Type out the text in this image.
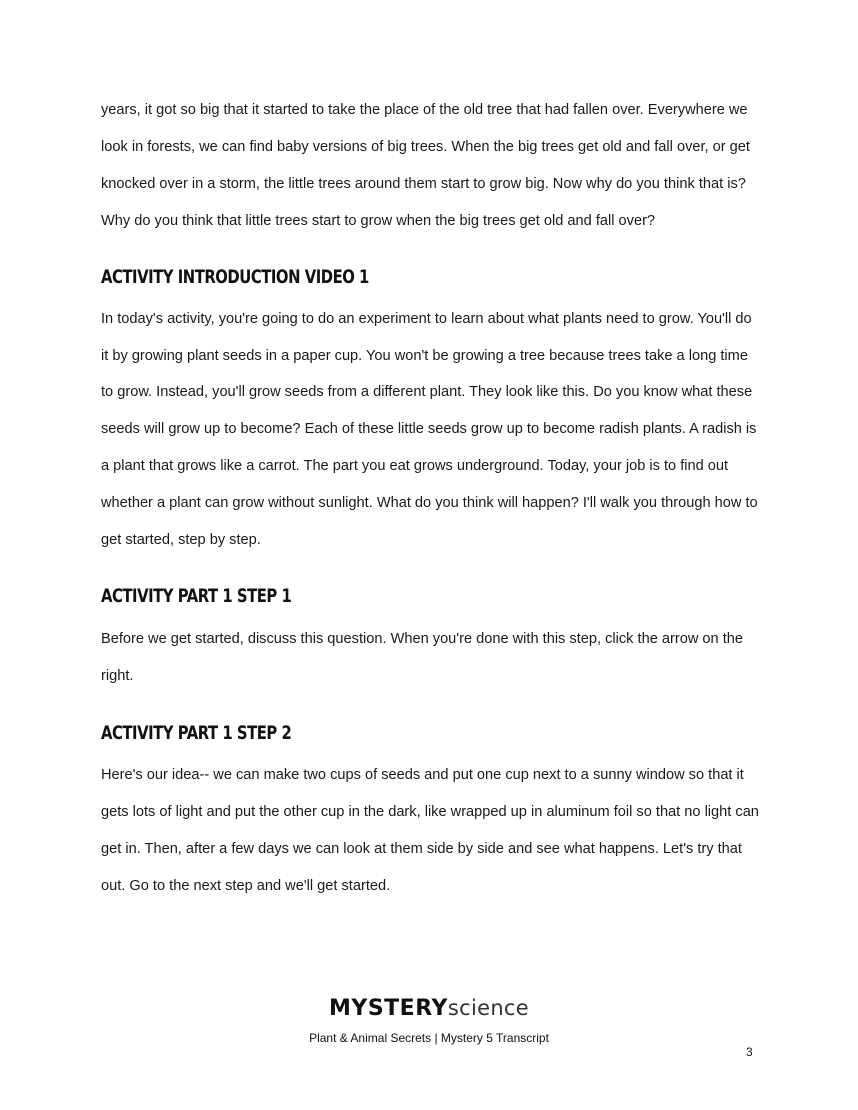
years, it got so big that it started to take the place of the old tree that had fallen over. Everywhere we look in forests, we can find baby versions of big trees. When the big trees get old and fall over, or get knocked over in a storm, the little trees around them start to grow big. Now why do you think that is? Why do you think that little trees start to grow when the big trees get old and fall over?

ACTIVITY INTRODUCTION VIDEO 1

In today's activity, you're going to do an experiment to learn about what plants need to grow. You'll do it by growing plant seeds in a paper cup. You won't be growing a tree because trees take a long time to grow. Instead, you'll grow seeds from a different plant. They look like this. Do you know what these seeds will grow up to become? Each of these little seeds grow up to become radish plants. A radish is a plant that grows like a carrot. The part you eat grows underground. Today, your job is to find out whether a plant can grow without sunlight. What do you think will happen? I'll walk you through how to get started, step by step.

ACTIVITY PART 1 STEP 1

Before we get started, discuss this question. When you're done with this step, click the arrow on the right.

ACTIVITY PART 1 STEP 2

Here's our idea-- we can make two cups of seeds and put one cup next to a sunny window so that it gets lots of light and put the other cup in the dark, like wrapped up in aluminum foil so that no light can get in. Then, after a few days we can look at them side by side and see what happens. Let's try that out. Go to the next step and we'll get started.

MYSTERY science
Plant & Animal Secrets | Mystery 5 Transcript
3
